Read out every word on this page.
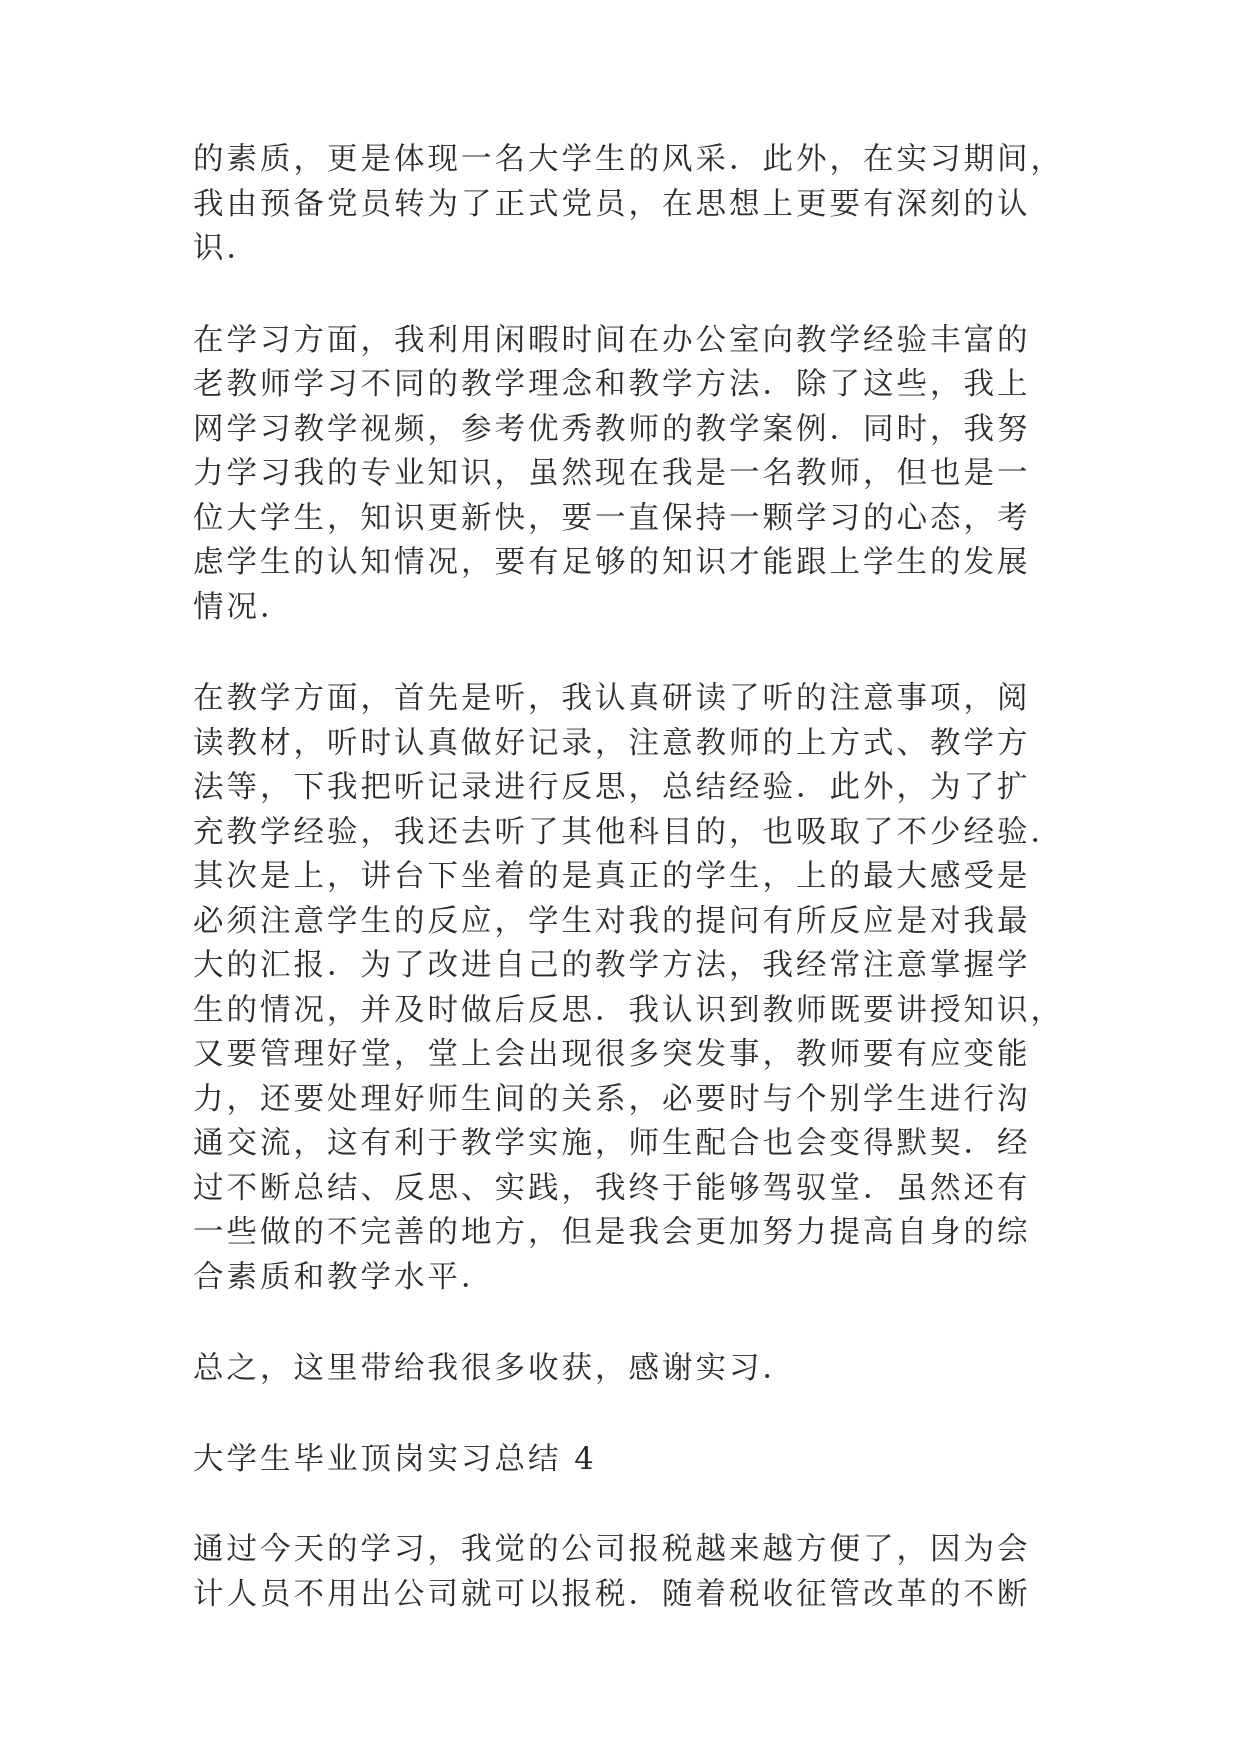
的素质，更是体现一名大学生的风采．此外，在实习期间，
我由预备党员转为了正式党员，在思想上更要有深刻的认
识．

在学习方面，我利用闲暇时间在办公室向教学经验丰富的
老教师学习不同的教学理念和教学方法．除了这些，我上
网学习教学视频，参考优秀教师的教学案例．同时，我努
力学习我的专业知识，虽然现在我是一名教师，但也是一
位大学生，知识更新快，要一直保持一颗学习的心态，考
虑学生的认知情况，要有足够的知识才能跟上学生的发展
情况．

在教学方面，首先是听，我认真研读了听的注意事项，阅
读教材，听时认真做好记录，注意教师的上方式、教学方
法等，下我把听记录进行反思，总结经验．此外，为了扩
充教学经验，我还去听了其他科目的，也吸取了不少经验．
其次是上，讲台下坐着的是真正的学生，上的最大感受是
必须注意学生的反应，学生对我的提问有所反应是对我最
大的汇报．为了改进自己的教学方法，我经常注意掌握学
生的情况，并及时做后反思．我认识到教师既要讲授知识，
又要管理好堂，堂上会出现很多突发事，教师要有应变能
力，还要处理好师生间的关系，必要时与个别学生进行沟
通交流，这有利于教学实施，师生配合也会变得默契．经
过不断总结、反思、实践，我终于能够驾驭堂．虽然还有
一些做的不完善的地方，但是我会更加努力提高自身的综
合素质和教学水平．

总之，这里带给我很多收获，感谢实习．

大学生毕业顶岗实习总结 4

通过今天的学习，我觉的公司报税越来越方便了，因为会
计人员不用出公司就可以报税．随着税收征管改革的不断
